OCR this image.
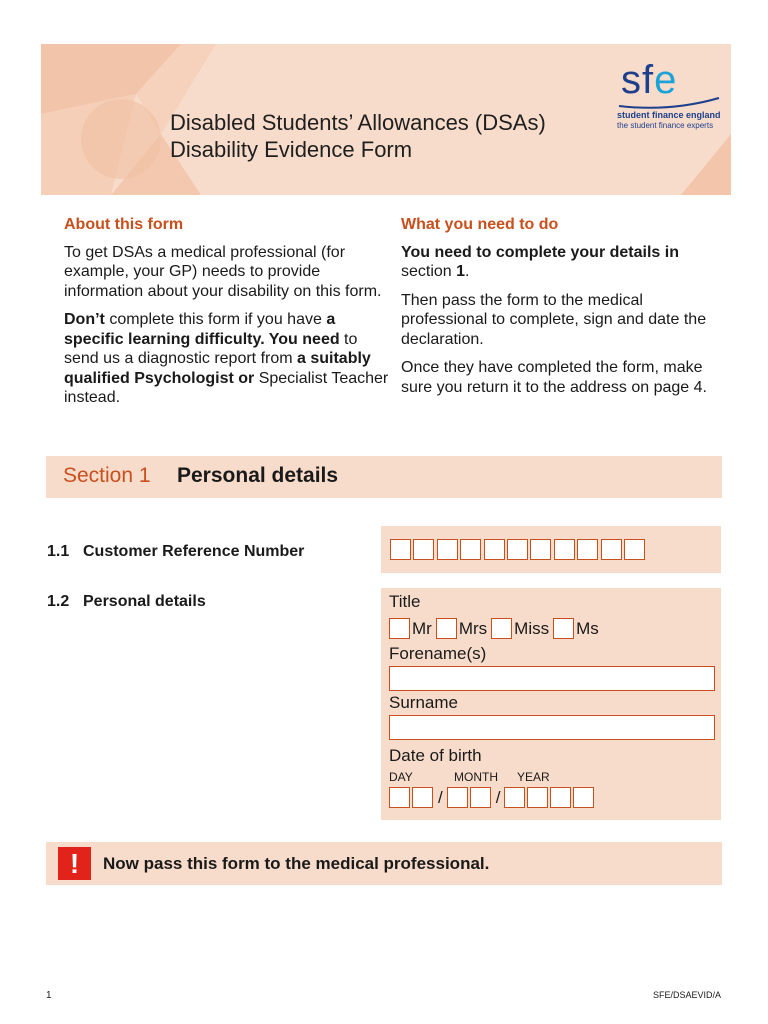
Disabled Students’ Allowances (DSAs)
Disability Evidence Form
sfe
student finance england
the student finance experts
About this form

To get DSAs a medical professional (for example, your GP) needs to provide information about your disability on this form.

Don’t complete this form if you have a specific learning difficulty. You need to send us a diagnostic report from a suitably qualified Psychologist or Specialist Teacher instead.

What you need to do

You need to complete your details in section 1.

Then pass the form to the medical professional to complete, sign and date the declaration.

Once they have completed the form, make sure you return it to the address on page 4.

Section 1 Personal details
1.1 Customer Reference Number
1.2 Personal details	Title
Mr Mrs Miss Ms
Forename(s)
Surname
Date of birth
DAY	MONTH YEAR
/	/
!	Now pass this form to the medical professional.
1	SFE/DSAEVID/A
